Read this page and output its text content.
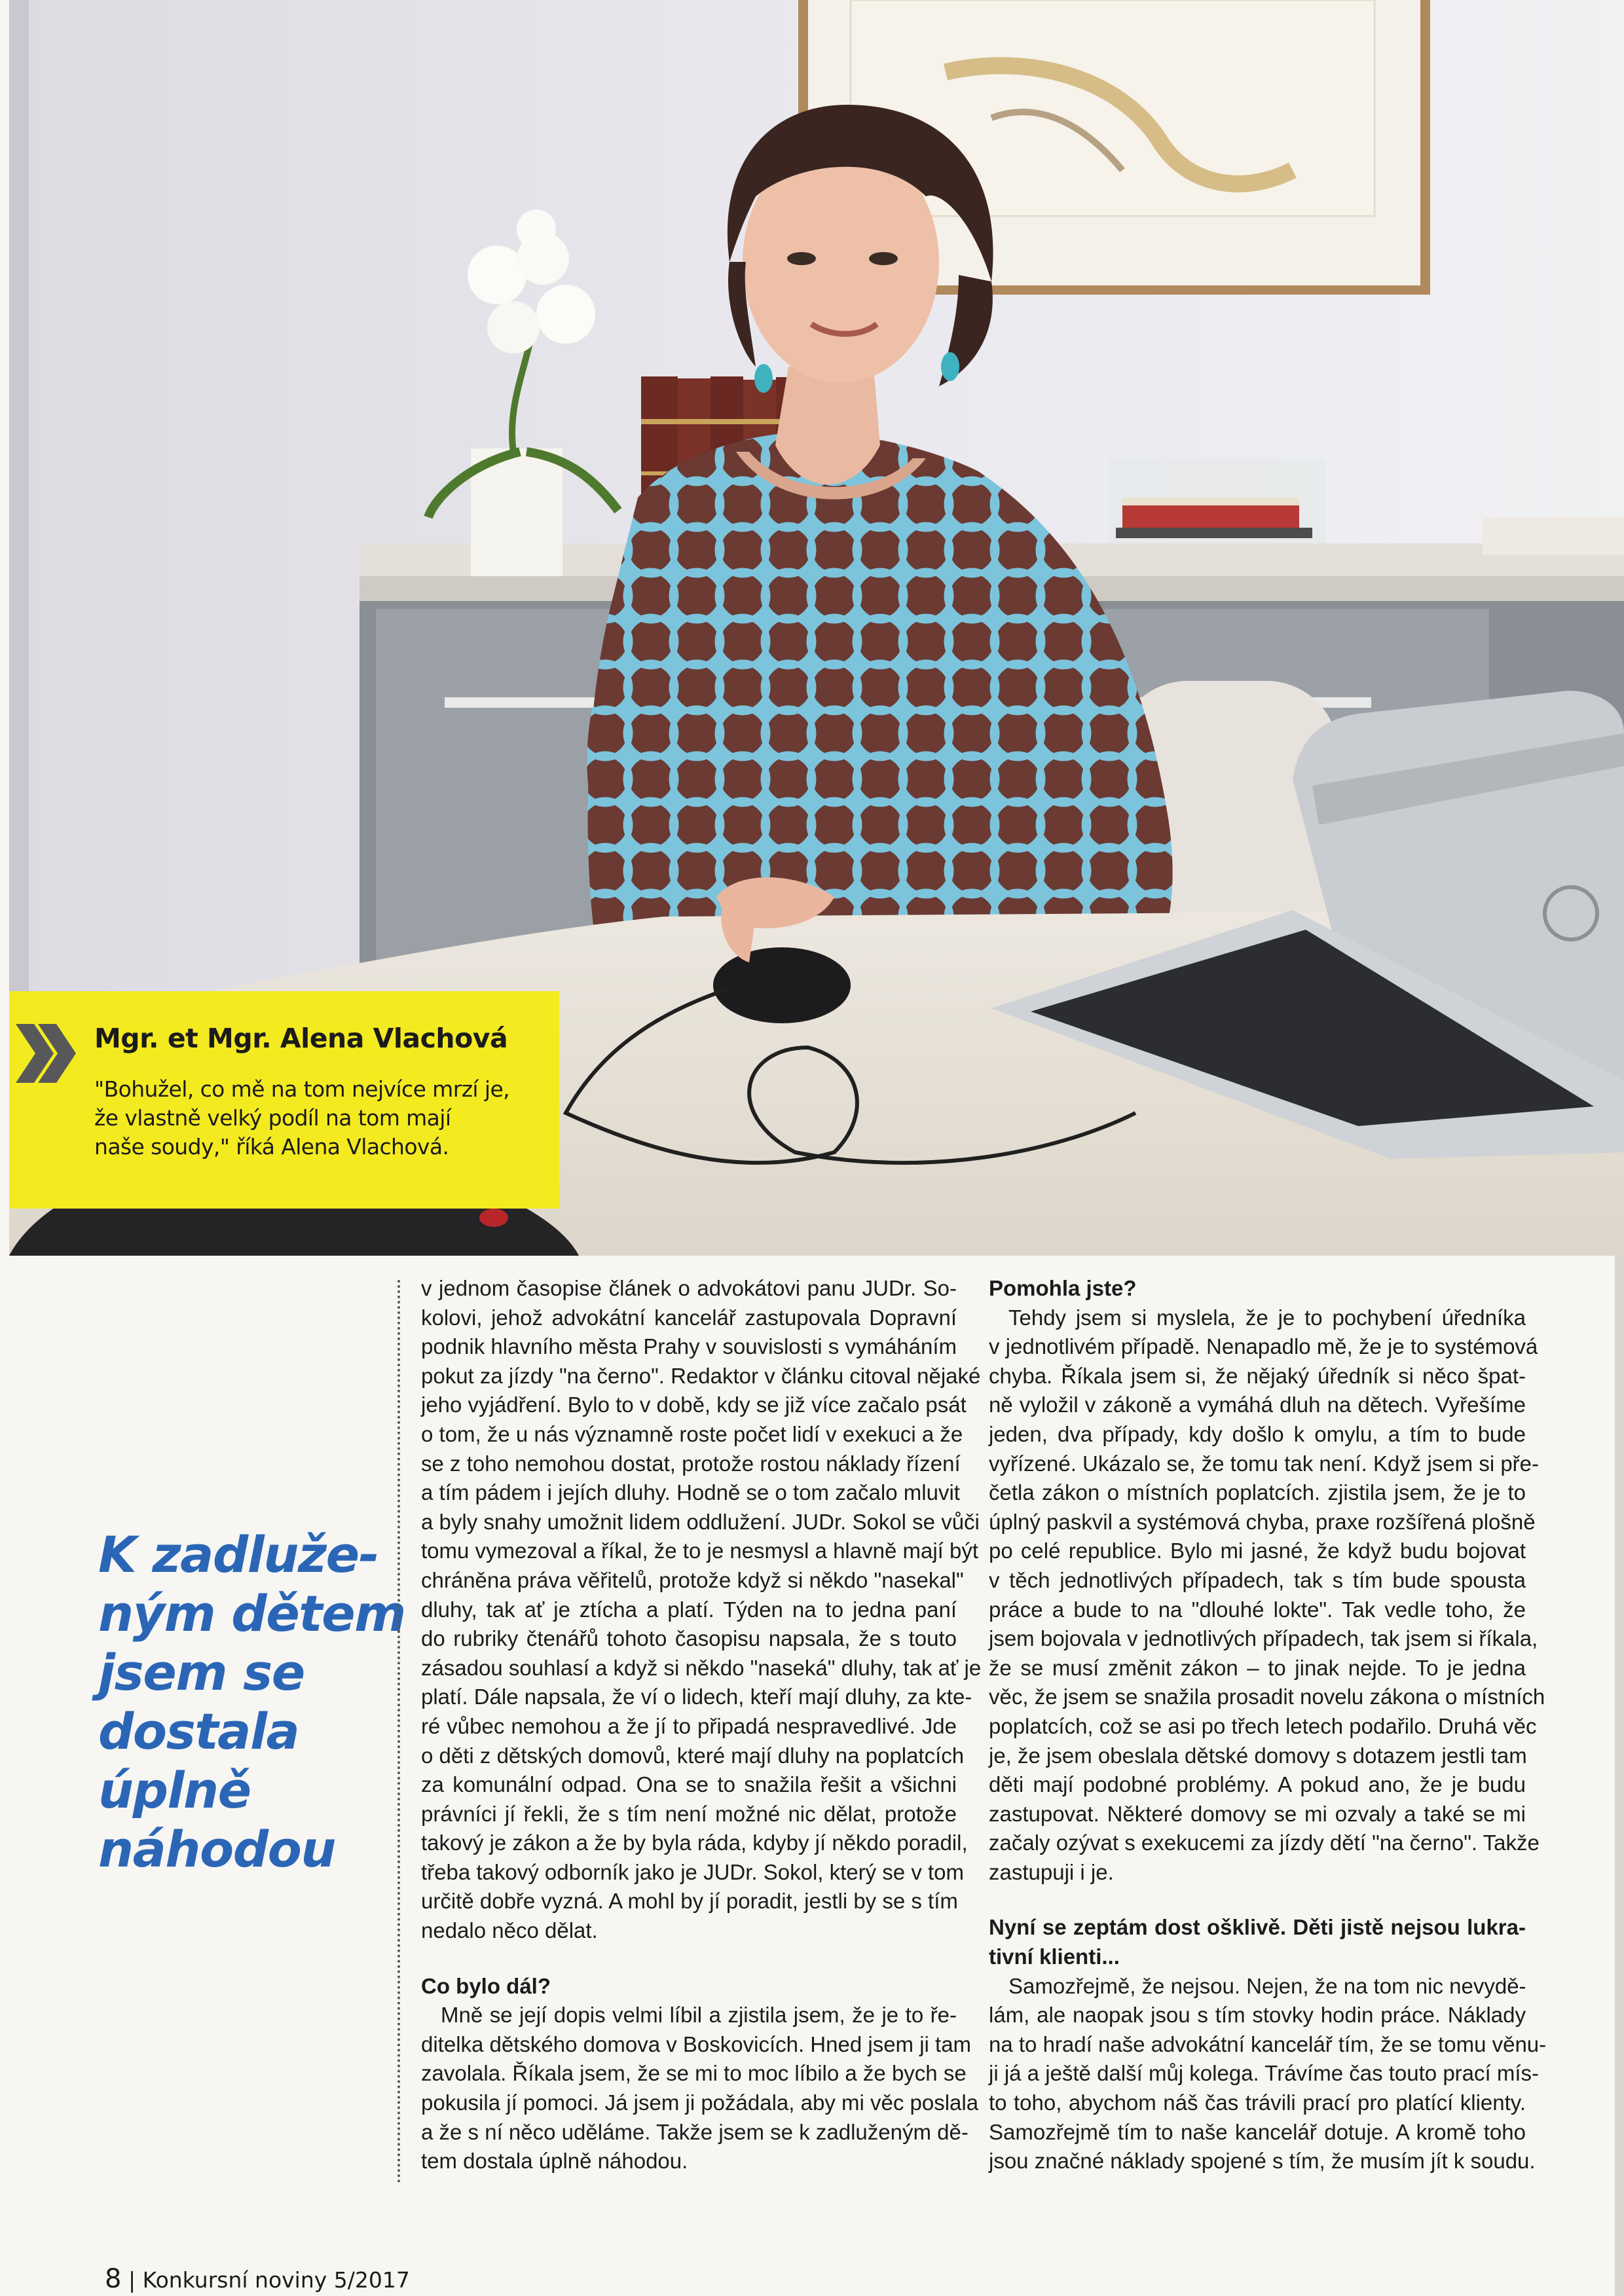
Mgr. et Mgr. Alena Vlachová
"Bohužel, co mě na tom nejvíce mrzí je,
že vlastně velký podíl na tom mají
naše soudy," říká Alena Vlachová.
K zadluže-
ným dětem
jsem se
dostala
úplně
náhodou
v jednom časopise článek o advokátovi panu JUDr. So-
kolovi, jehož advokátní kancelář zastupovala Dopravní
podnik hlavního města Prahy v souvislosti s vymáháním
pokut za jízdy "na černo". Redaktor v článku citoval nějaké
jeho vyjádření. Bylo to v době, kdy se již více začalo psát
o tom, že u nás významně roste počet lidí v exekuci a že
se z toho nemohou dostat, protože rostou náklady řízení
a tím pádem i jejích dluhy. Hodně se o tom začalo mluvit
a byly snahy umožnit lidem oddlužení. JUDr. Sokol se vůči
tomu vymezoval a říkal, že to je nesmysl a hlavně mají být
chráněna práva věřitelů, protože když si někdo "nasekal"
dluhy, tak ať je ztícha a platí. Týden na to jedna paní
do rubriky čtenářů tohoto časopisu napsala, že s touto
zásadou souhlasí a když si někdo "naseká" dluhy, tak ať je
platí. Dále napsala, že ví o lidech, kteří mají dluhy, za kte-
ré vůbec nemohou a že jí to připadá nespravedlivé. Jde
o děti z dětských domovů, které mají dluhy na poplatcích
za komunální odpad. Ona se to snažila řešit a všichni
právníci jí řekli, že s tím není možné nic dělat, protože
takový je zákon a že by byla ráda, kdyby jí někdo poradil,
třeba takový odborník jako je JUDr. Sokol, který se v tom
určitě dobře vyzná. A mohl by jí poradit, jestli by se s tím
nedalo něco dělat.
Co bylo dál?
Mně se její dopis velmi líbil a zjistila jsem, že je to ře-
ditelka dětského domova v Boskovicích. Hned jsem ji tam
zavolala. Říkala jsem, že se mi to moc líbilo a že bych se
pokusila jí pomoci. Já jsem ji požádala, aby mi věc poslala
a že s ní něco uděláme. Takže jsem se k zadluženým dě-
tem dostala úplně náhodou.
Pomohla jste?
Tehdy jsem si myslela, že je to pochybení úředníka
v jednotlivém případě. Nenapadlo mě, že je to systémová
chyba. Říkala jsem si, že nějaký úředník si něco špat-
ně vyložil v zákoně a vymáhá dluh na dětech. Vyřešíme
jeden, dva případy, kdy došlo k omylu, a tím to bude
vyřízené. Ukázalo se, že tomu tak není. Když jsem si pře-
četla zákon o místních poplatcích. zjistila jsem, že je to
úplný paskvil a systémová chyba, praxe rozšířená plošně
po celé republice. Bylo mi jasné, že když budu bojovat
v těch jednotlivých případech, tak s tím bude spousta
práce a bude to na "dlouhé lokte". Tak vedle toho, že
jsem bojovala v jednotlivých případech, tak jsem si říkala,
že se musí změnit zákon – to jinak nejde. To je jedna
věc, že jsem se snažila prosadit novelu zákona o místních
poplatcích, což se asi po třech letech podařilo. Druhá věc
je, že jsem obeslala dětské domovy s dotazem jestli tam
děti mají podobné problémy. A pokud ano, že je budu
zastupovat. Některé domovy se mi ozvaly a také se mi
začaly ozývat s exekucemi za jízdy dětí "na černo". Takže
zastupuji i je.
Nyní se zeptám dost ošklivě. Děti jistě nejsou lukra-
tivní klienti...
Samozřejmě, že nejsou. Nejen, že na tom nic nevydě-
lám, ale naopak jsou s tím stovky hodin práce. Náklady
na to hradí naše advokátní kancelář tím, že se tomu věnu-
ji já a ještě další můj kolega. Trávíme čas touto prací mís-
to toho, abychom náš čas trávili prací pro platící klienty.
Samozřejmě tím to naše kancelář dotuje. A kromě toho
jsou značné náklady spojené s tím, že musím jít k soudu.
8 | Konkursní noviny 5/2017
